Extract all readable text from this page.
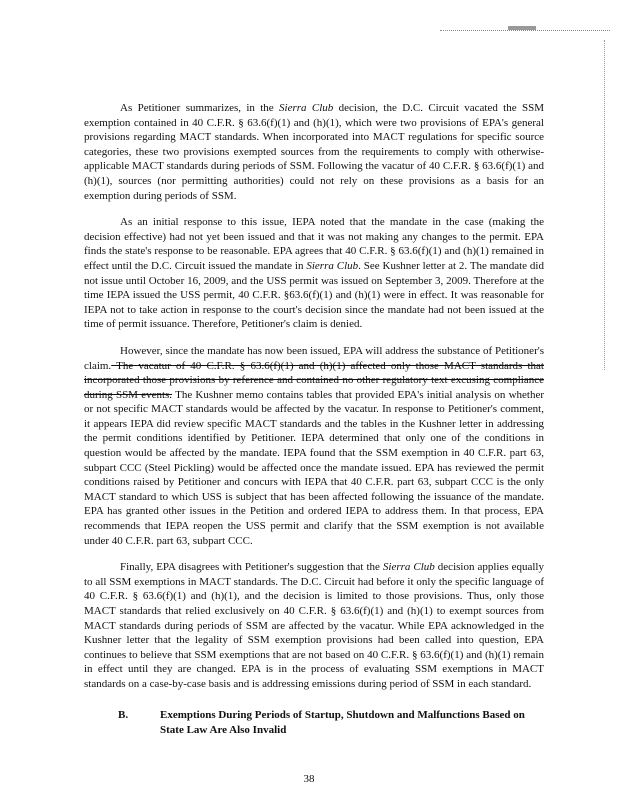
As Petitioner summarizes, in the Sierra Club decision, the D.C. Circuit vacated the SSM exemption contained in 40 C.F.R. § 63.6(f)(1) and (h)(1), which were two provisions of EPA's general provisions regarding MACT standards. When incorporated into MACT regulations for specific source categories, these two provisions exempted sources from the requirements to comply with otherwise-applicable MACT standards during periods of SSM. Following the vacatur of 40 C.F.R. § 63.6(f)(1) and (h)(1), sources (nor permitting authorities) could not rely on these provisions as a basis for an exemption during periods of SSM.

As an initial response to this issue, IEPA noted that the mandate in the case (making the decision effective) had not yet been issued and that it was not making any changes to the permit. EPA finds the state's response to be reasonable. EPA agrees that 40 C.F.R. § 63.6(f)(1) and (h)(1) remained in effect until the D.C. Circuit issued the mandate in Sierra Club. See Kushner letter at 2. The mandate did not issue until October 16, 2009, and the USS permit was issued on September 3, 2009. Therefore at the time IEPA issued the USS permit, 40 C.F.R. §63.6(f)(1) and (h)(1) were in effect. It was reasonable for IEPA not to take action in response to the court's decision since the mandate had not been issued at the time of permit issuance. Therefore, Petitioner's claim is denied.

However, since the mandate has now been issued, EPA will address the substance of Petitioner's claim. The vacatur of 40 C.F.R. § 63.6(f)(1) and (h)(1) affected only those MACT standards that incorporated those provisions by reference and contained no other regulatory text excusing compliance during SSM events. The Kushner memo contains tables that provided EPA's initial analysis on whether or not specific MACT standards would be affected by the vacatur. In response to Petitioner's comment, it appears IEPA did review specific MACT standards and the tables in the Kushner letter in addressing the permit conditions identified by Petitioner. IEPA determined that only one of the conditions in question would be affected by the mandate. IEPA found that the SSM exemption in 40 C.F.R. part 63, subpart CCC (Steel Pickling) would be affected once the mandate issued. EPA has reviewed the permit conditions raised by Petitioner and concurs with IEPA that 40 C.F.R. part 63, subpart CCC is the only MACT standard to which USS is subject that has been affected following the issuance of the mandate. EPA has granted other issues in the Petition and ordered IEPA to address them. In that process, EPA recommends that IEPA reopen the USS permit and clarify that the SSM exemption is not available under 40 C.F.R. part 63, subpart CCC.

Finally, EPA disagrees with Petitioner's suggestion that the Sierra Club decision applies equally to all SSM exemptions in MACT standards. The D.C. Circuit had before it only the specific language of 40 C.F.R. § 63.6(f)(1) and (h)(1), and the decision is limited to those provisions. Thus, only those MACT standards that relied exclusively on 40 C.F.R. § 63.6(f)(1) and (h)(1) to exempt sources from MACT standards during periods of SSM are affected by the vacatur. While EPA acknowledged in the Kushner letter that the legality of SSM exemption provisions had been called into question, EPA continues to believe that SSM exemptions that are not based on 40 C.F.R. § 63.6(f)(1) and (h)(1) remain in effect until they are changed. EPA is in the process of evaluating SSM exemptions in MACT standards on a case-by-case basis and is addressing emissions during period of SSM in each standard.

B.	Exemptions During Periods of Startup, Shutdown and Malfunctions Based on State Law Are Also Invalid
38
